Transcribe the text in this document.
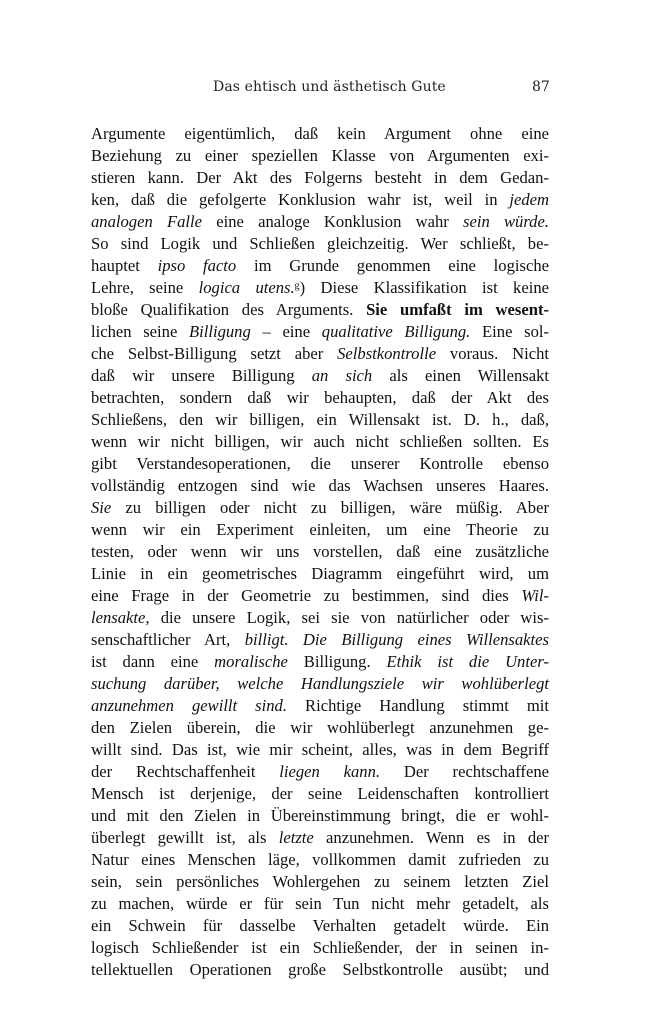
Das ehtisch und ästhetisch Gute	87
Argumente eigentümlich, daß kein Argument ohne eine
Beziehung zu einer speziellen Klasse von Argumenten exi-
stieren kann. Der Akt des Folgerns besteht in dem Gedan-
ken, daß die gefolgerte Konklusion wahr ist, weil in jedem
analogen Falle eine analoge Konklusion wahr sein würde.
So sind Logik und Schließen gleichzeitig. Wer schließt, be-
hauptet ipso facto im Grunde genommen eine logische
Lehre, seine logica utens.ᵍ) Diese Klassifikation ist keine
bloße Qualifikation des Arguments. Sie umfaßt im wesent-
lichen seine Billigung – eine qualitative Billigung. Eine sol-
che Selbst-Billigung setzt aber Selbstkontrolle voraus. Nicht
daß wir unsere Billigung an sich als einen Willensakt
betrachten, sondern daß wir behaupten, daß der Akt des
Schließens, den wir billigen, ein Willensakt ist. D. h., daß,
wenn wir nicht billigen, wir auch nicht schließen sollten. Es
gibt Verstandesoperationen, die unserer Kontrolle ebenso
vollständig entzogen sind wie das Wachsen unseres Haares.
Sie zu billigen oder nicht zu billigen, wäre müßig. Aber
wenn wir ein Experiment einleiten, um eine Theorie zu
testen, oder wenn wir uns vorstellen, daß eine zusätzliche
Linie in ein geometrisches Diagramm eingeführt wird, um
eine Frage in der Geometrie zu bestimmen, sind dies Wil-
lensakte, die unsere Logik, sei sie von natürlicher oder wis-
senschaftlicher Art, billigt. Die Billigung eines Willensaktes
ist dann eine moralische Billigung. Ethik ist die Unter-
suchung darüber, welche Handlungsziele wir wohlüberlegt
anzunehmen gewillt sind. Richtige Handlung stimmt mit
den Zielen überein, die wir wohlüberlegt anzunehmen ge-
willt sind. Das ist, wie mir scheint, alles, was in dem Begriff
der Rechtschaffenheit liegen kann. Der rechtschaffene
Mensch ist derjenige, der seine Leidenschaften kontrolliert
und mit den Zielen in Übereinstimmung bringt, die er wohl-
überlegt gewillt ist, als letzte anzunehmen. Wenn es in der
Natur eines Menschen läge, vollkommen damit zufrieden zu
sein, sein persönliches Wohlergehen zu seinem letzten Ziel
zu machen, würde er für sein Tun nicht mehr getadelt, als
ein Schwein für dasselbe Verhalten getadelt würde. Ein
logisch Schließender ist ein Schließender, der in seinen in-
tellektuellen Operationen große Selbstkontrolle ausübt; und
